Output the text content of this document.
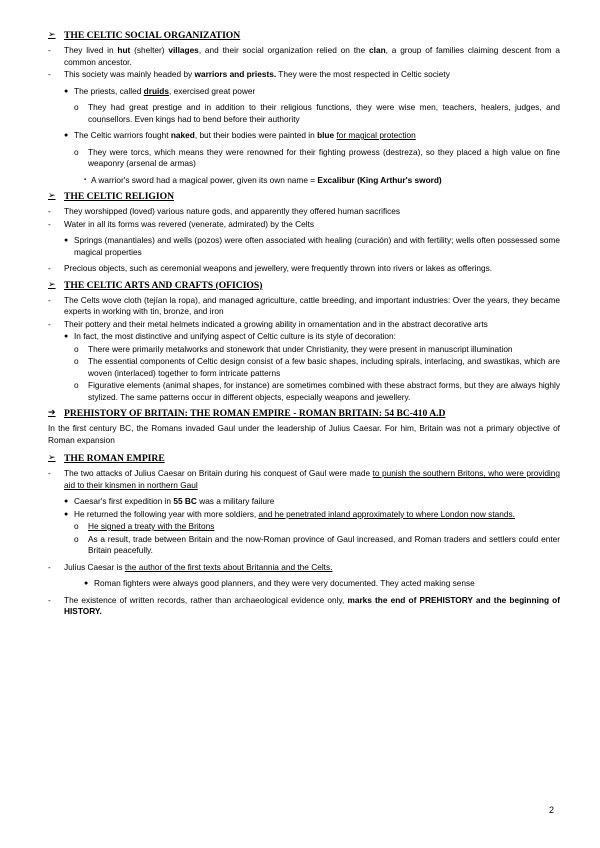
➢ THE CELTIC SOCIAL ORGANIZATION
-	They lived in hut (shelter) villages, and their social organization relied on the clan, a group of families claiming descent from a common ancestor.
-	This society was mainly headed by warriors and priests. They were the most respected in Celtic society
● The priests, called druids, exercised great power
o	They had great prestige and in addition to their religious functions, they were wise men, teachers, healers, judges, and counsellors. Even kings had to bend before their authority
● The Celtic warriors fought naked, but their bodies were painted in blue for magical protection
o	They were torcs, which means they were renowned for their fighting prowess (destreza), so they placed a high value on fine weaponry (arsenal de armas)
▪ A warrior's sword had a magical power, given its own name = Excalibur (King Arthur's sword)
➢ THE CELTIC RELIGION
-	They worshipped (loved) various nature gods, and apparently they offered human sacrifices
-	Water in all its forms was revered (venerate, admirated) by the Celts
● Springs (manantiales) and wells (pozos) were often associated with healing (curación) and with fertility; wells often possessed some magical properties
-	Precious objects, such as ceremonial weapons and jewellery, were frequently thrown into rivers or lakes as offerings.
➢ THE CELTIC ARTS AND CRAFTS (OFICIOS)
-	The Celts wove cloth (tejían la ropa), and managed agriculture, cattle breeding, and important industries: Over the years, they became experts in working with tin, bronze, and iron
-	Their pottery and their metal helmets indicated a growing ability in ornamentation and in the abstract decorative arts
● In fact, the most distinctive and unifying aspect of Celtic culture is its style of decoration:
o	There were primarily metalworks and stonework that under Christianity, they were present in manuscript illumination
o	The essential components of Celtic design consist of a few basic shapes, including spirals, interlacing, and swastikas, which are woven (interlaced) together to form intricate patterns
o	Figurative elements (animal shapes, for instance) are sometimes combined with these abstract forms, but they are always highly stylized. The same patterns occur in different objects, especially weapons and jewellery.
➔ PREHISTORY OF BRITAIN: THE ROMAN EMPIRE - ROMAN BRITAIN: 54 BC-410 A.D
In the first century BC, the Romans invaded Gaul under the leadership of Julius Caesar. For him, Britain was not a primary objective of Roman expansion
➢ THE ROMAN EMPIRE
-	The two attacks of Julius Caesar on Britain during his conquest of Gaul were made to punish the southern Britons, who were providing aid to their kinsmen in northern Gaul
● Caesar's first expedition in 55 BC was a military failure
● He returned the following year with more soldiers, and he penetrated inland approximately to where London now stands.
o	He signed a treaty with the Britons
o	As a result, trade between Britain and the now-Roman province of Gaul increased, and Roman traders and settlers could enter Britain peacefully.
-	Julius Caesar is the author of the first texts about Britannia and the Celts.
● Roman fighters were always good planners, and they were very documented. They acted making sense
-	The existence of written records, rather than archaeological evidence only, marks the end of PREHISTORY and the beginning of HISTORY.
2
